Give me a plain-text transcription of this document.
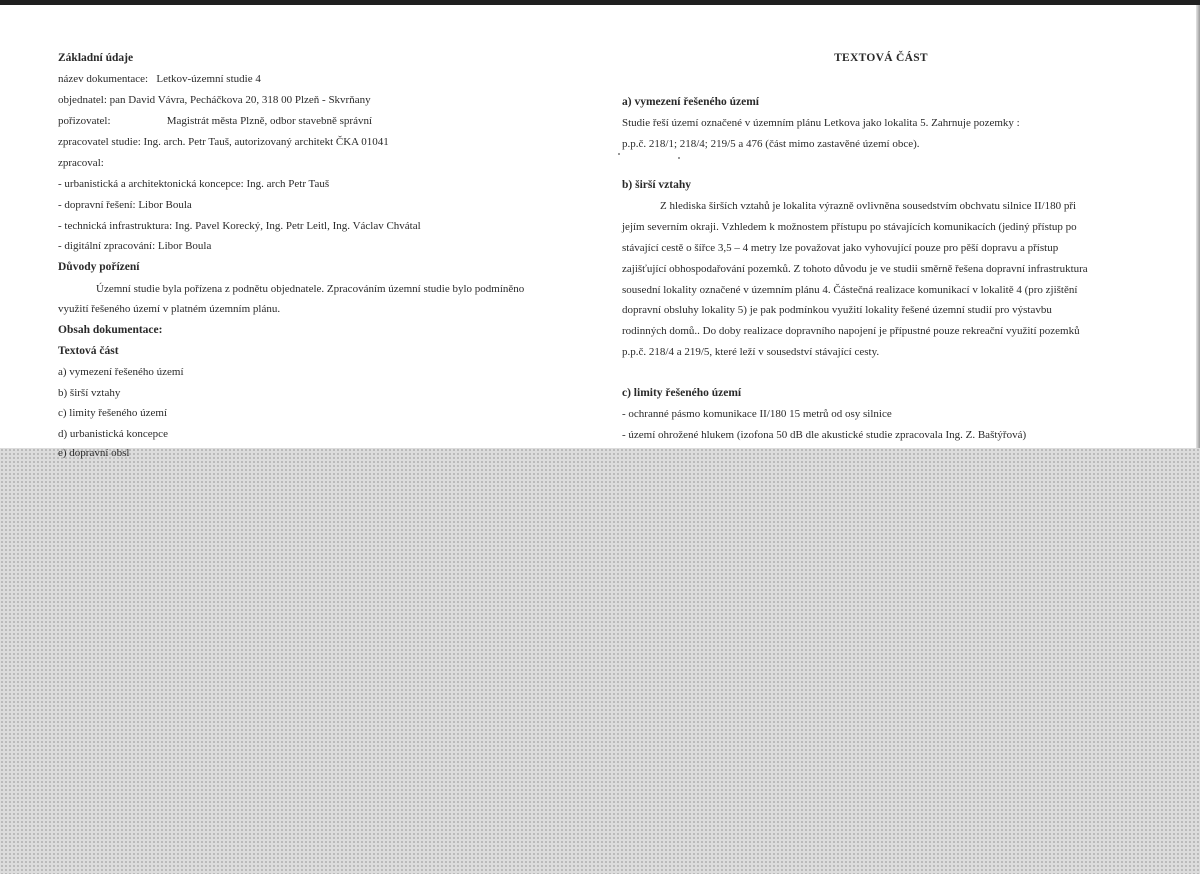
Základní údaje
název dokumentace: Letkov-územní studie 4
objednatel: pan David Vávra, Pecháčkova 20, 318 00 Plzeň - Skvrňany
pořizovatel:	Magistrát města Plzně, odbor stavebně správní
zpracovatel studie: Ing. arch. Petr Tauš, autorizovaný architekt ČKA 01041
zpracoval:
- urbanistická a architektonická koncepce: Ing. arch Petr Tauš
- dopravní řešení: Libor Boula
- technická infrastruktura: Ing. Pavel Korecký, Ing. Petr Leitl, Ing. Václav Chvátal
- digitální zpracování: Libor Boula
Důvody pořízení
Územní studie byla pořízena z podnětu objednatele. Zpracováním územní studie bylo podmíněno
využití řešeného území v platném územním plánu.
Obsah dokumentace:
Textová část
a) vymezení řešeného území
b) širší vztahy
c) limity řešeného území
d) urbanistická koncepce
e) dopravní obsl
TEXTOVÁ ČÁST
a) vymezení řešeného území
Studie řeší území označené v územním plánu Letkova jako lokalita 5. Zahrnuje pozemky :
p.p.č. 218/1; 218/4; 219/5 a 476 (část mimo zastavěné území obce).
b) širší vztahy
Z hlediska širších vztahů je lokalita výrazně ovlivněna sousedstvím obchvatu silnice II/180 při
jejím severním okraji. Vzhledem k možnostem přístupu po stávajících komunikacích (jediný přístup po
stávající cestě o šířce 3,5 – 4 metry lze považovat jako vyhovující pouze pro pěší dopravu a přístup
zajišťující obhospodařování pozemků. Z tohoto důvodu je ve studii směrně řešena dopravní infrastruktura
sousední lokality označené v územním plánu 4. Částečná realizace komunikací v lokalitě 4 (pro zjištění
dopravní obsluhy lokality 5) je pak podmínkou využití lokality řešené územní studií pro výstavbu
rodinných domů.. Do doby realizace dopravního napojení je přípustné pouze rekreační využití pozemků
p.p.č. 218/4 a 219/5, které leží v sousedství stávající cesty.
c) limity řešeného území
- ochranné pásmo komunikace II/180 15 metrů od osy silnice
- území ohrožené hlukem (izofona 50 dB dle akustické studie zpracovala Ing. Z. Baštýřová)
